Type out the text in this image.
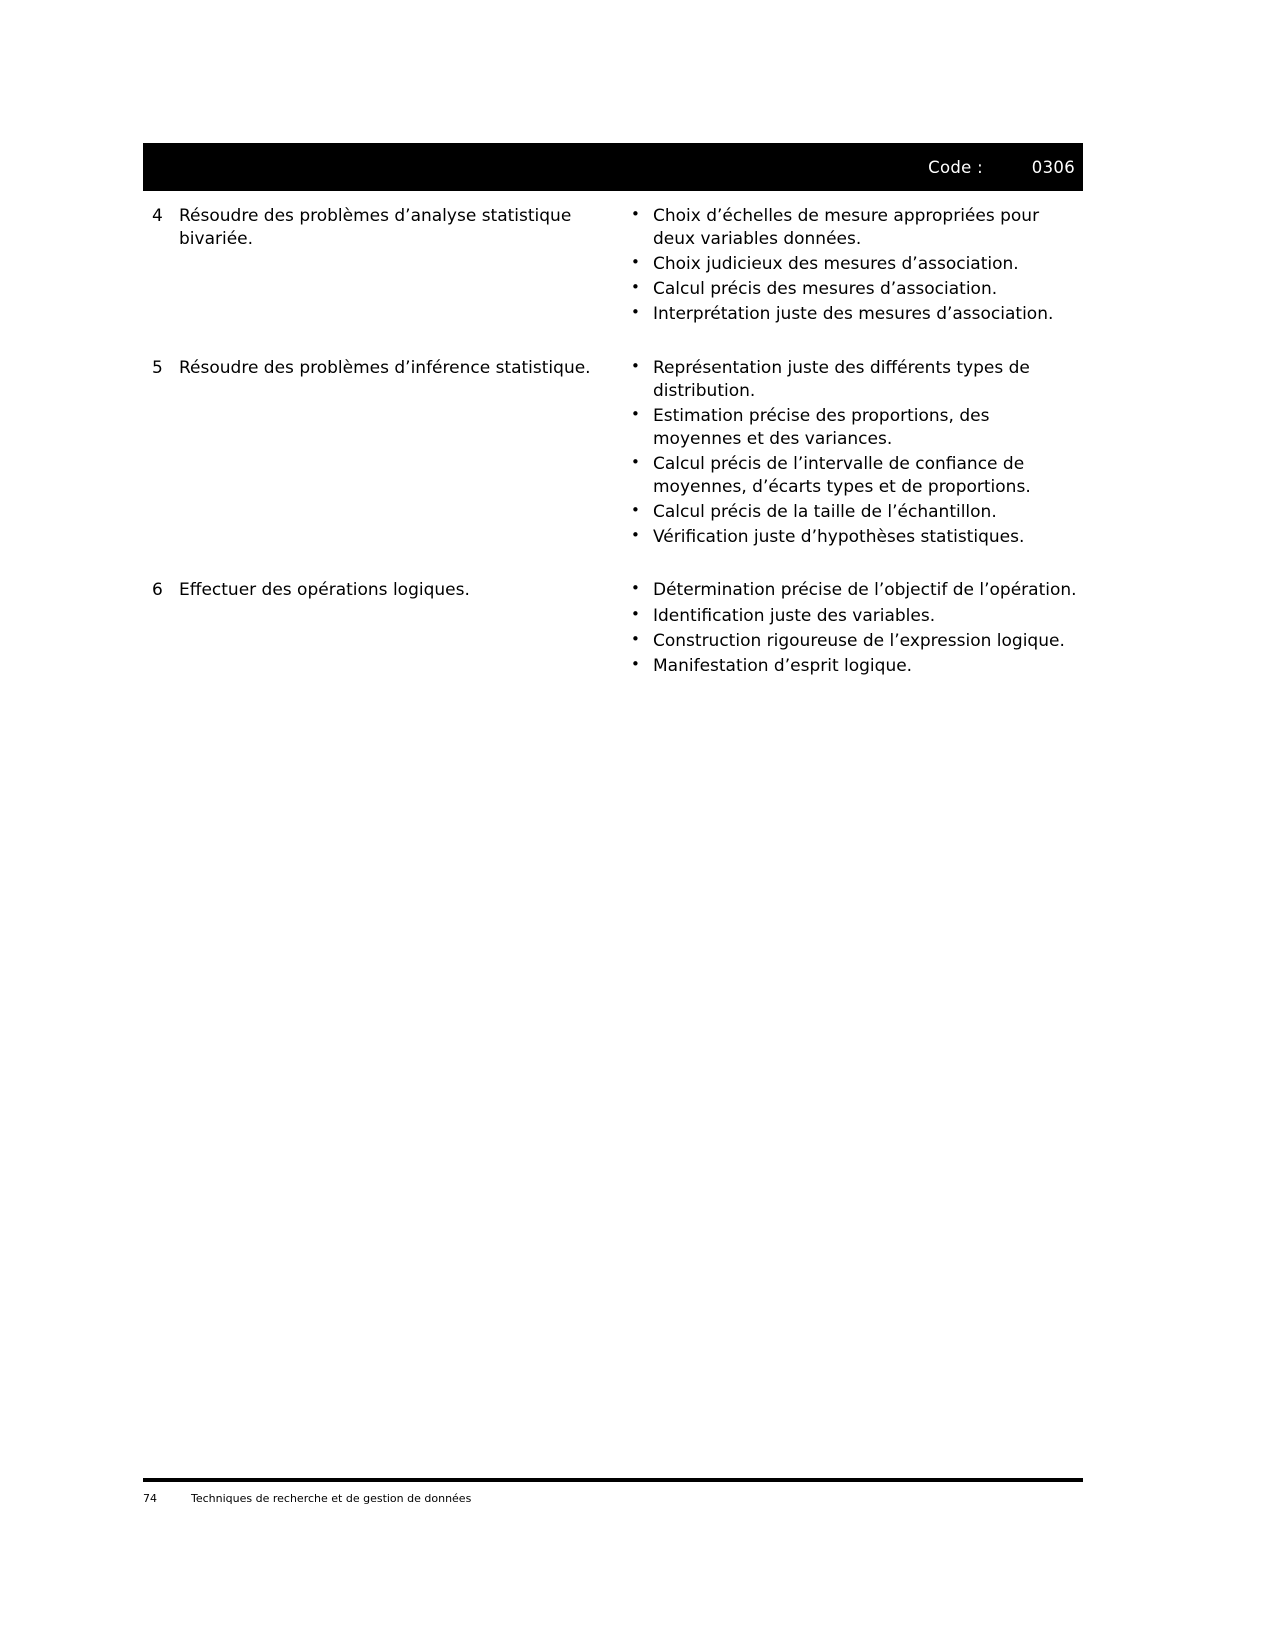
Code :	0306
4 Résoudre des problèmes d’analyse statistique bivariée.
• Choix d’échelles de mesure appropriées pour deux variables données.
• Choix judicieux des mesures d’association.
• Calcul précis des mesures d’association.
• Interprétation juste des mesures d’association.
5 Résoudre des problèmes d’inférence statistique.	• Représentation juste des différents types de distribution.
• Estimation précise des proportions, des moyennes et des variances.
• Calcul précis de l’intervalle de confiance de moyennes, d’écarts types et de proportions.
• Calcul précis de la taille de l’échantillon.
• Vérification juste d’hypothèses statistiques.
6 Effectuer des opérations logiques.	• Détermination précise de l’objectif de l’opération.
• Identification juste des variables.
• Construction rigoureuse de l’expression logique.
• Manifestation d’esprit logique.
74	Techniques de recherche et de gestion de données
